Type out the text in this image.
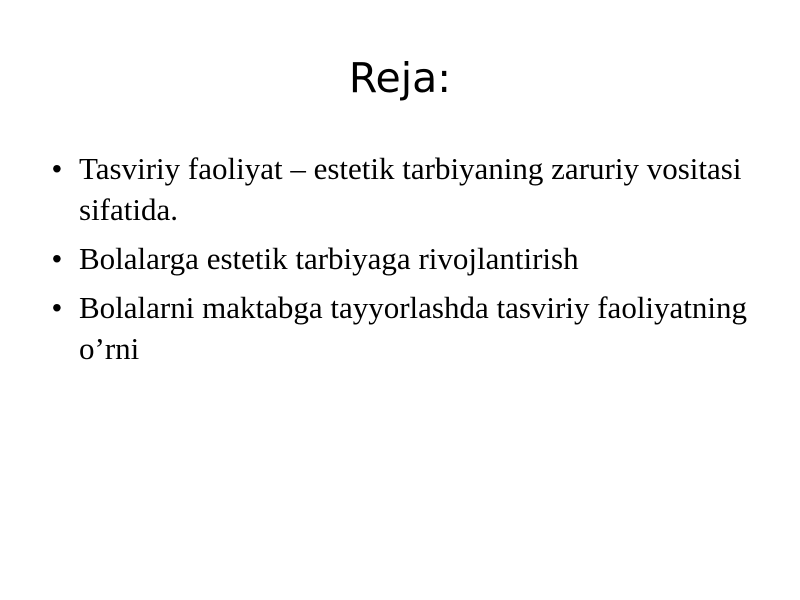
Reja:
• Tasviriy faoliyat – estetik tarbiyaning zaruriy vositasi sifatida.
• Bolalarga estetik tarbiyaga rivojlantirish
• Bolalarni maktabga tayyorlashda tasviriy faoliyatning o’rni
